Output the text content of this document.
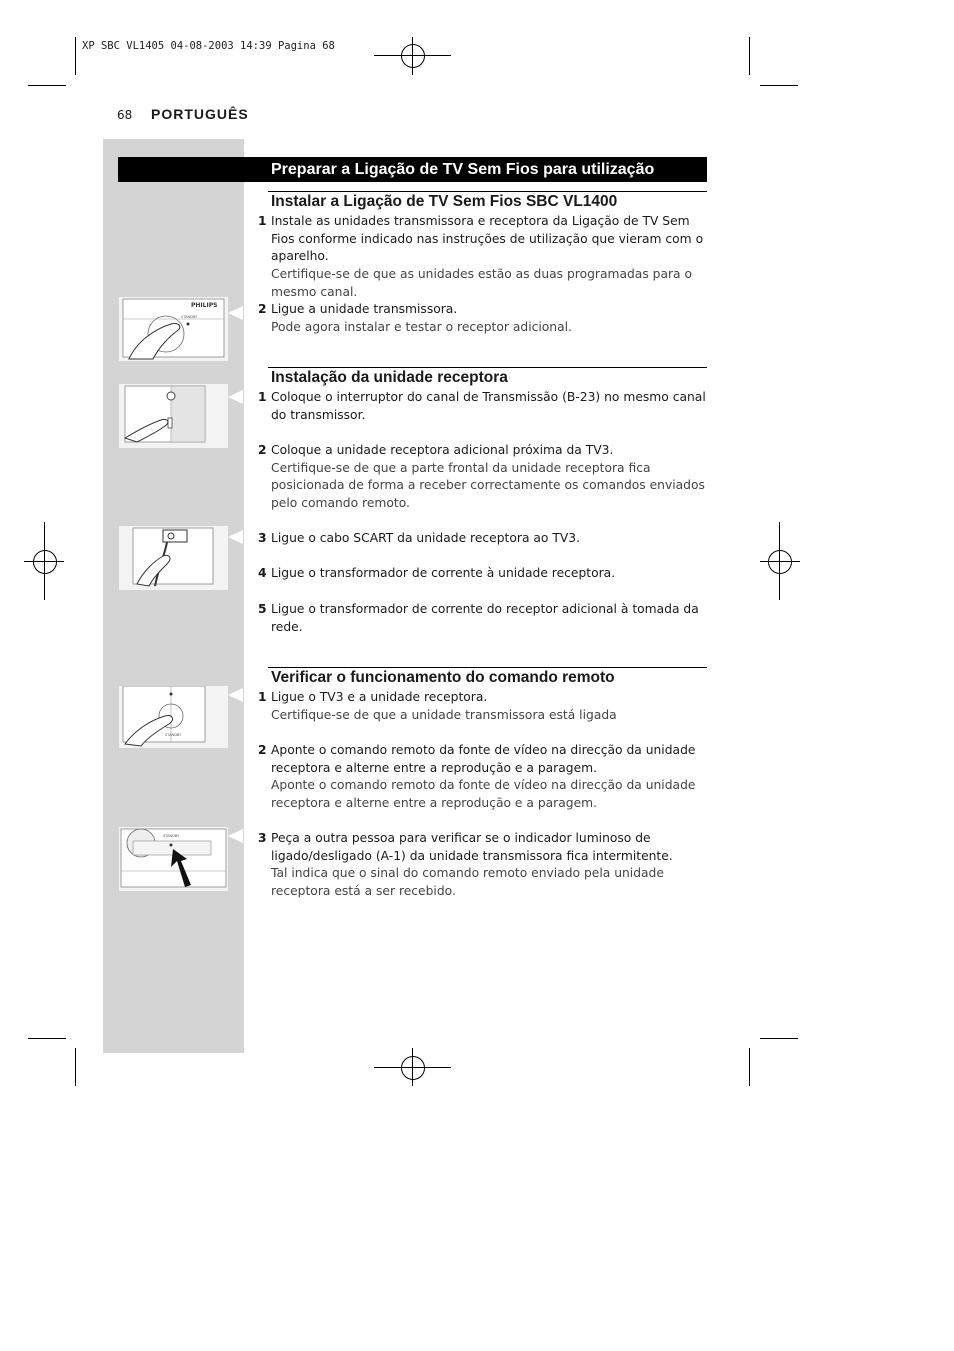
XP SBC VL1405 04-08-2003 14:39 Pagina 68
68 PORTUGUÊS
Preparar a Ligação de TV Sem Fios para utilização
Instalar a Ligação de TV Sem Fios SBC VL1400
1 Instale as unidades transmissora e receptora da Ligação de TV Sem Fios conforme indicado nas instruções de utilização que vieram com o aparelho.
Certifique-se de que as unidades estão as duas programadas para o mesmo canal.
2 Ligue a unidade transmissora.
Pode agora instalar e testar o receptor adicional.
Instalação da unidade receptora
1 Coloque o interruptor do canal de Transmissão (B-23) no mesmo canal do transmissor.
2 Coloque a unidade receptora adicional próxima da TV3.
Certifique-se de que a parte frontal da unidade receptora fica posicionada de forma a receber correctamente os comandos enviados pelo comando remoto.
3 Ligue o cabo SCART da unidade receptora ao TV3.
4 Ligue o transformador de corrente à unidade receptora.
5 Ligue o transformador de corrente do receptor adicional à tomada da rede.
Verificar o funcionamento do comando remoto
1 Ligue o TV3 e a unidade receptora.
Certifique-se de que a unidade transmissora está ligada
2 Aponte o comando remoto da fonte de vídeo na direcção da unidade receptora e alterne entre a reprodução e a paragem.
Aponte o comando remoto da fonte de vídeo na direcção da unidade receptora e alterne entre a reprodução e a paragem.
3 Peça a outra pessoa para verificar se o indicador luminoso de ligado/desligado (A-1) da unidade transmissora fica intermitente.
Tal indica que o sinal do comando remoto enviado pela unidade receptora está a ser recebido.
PHILIPS
STANDBY
STANDBY
STANDBY
